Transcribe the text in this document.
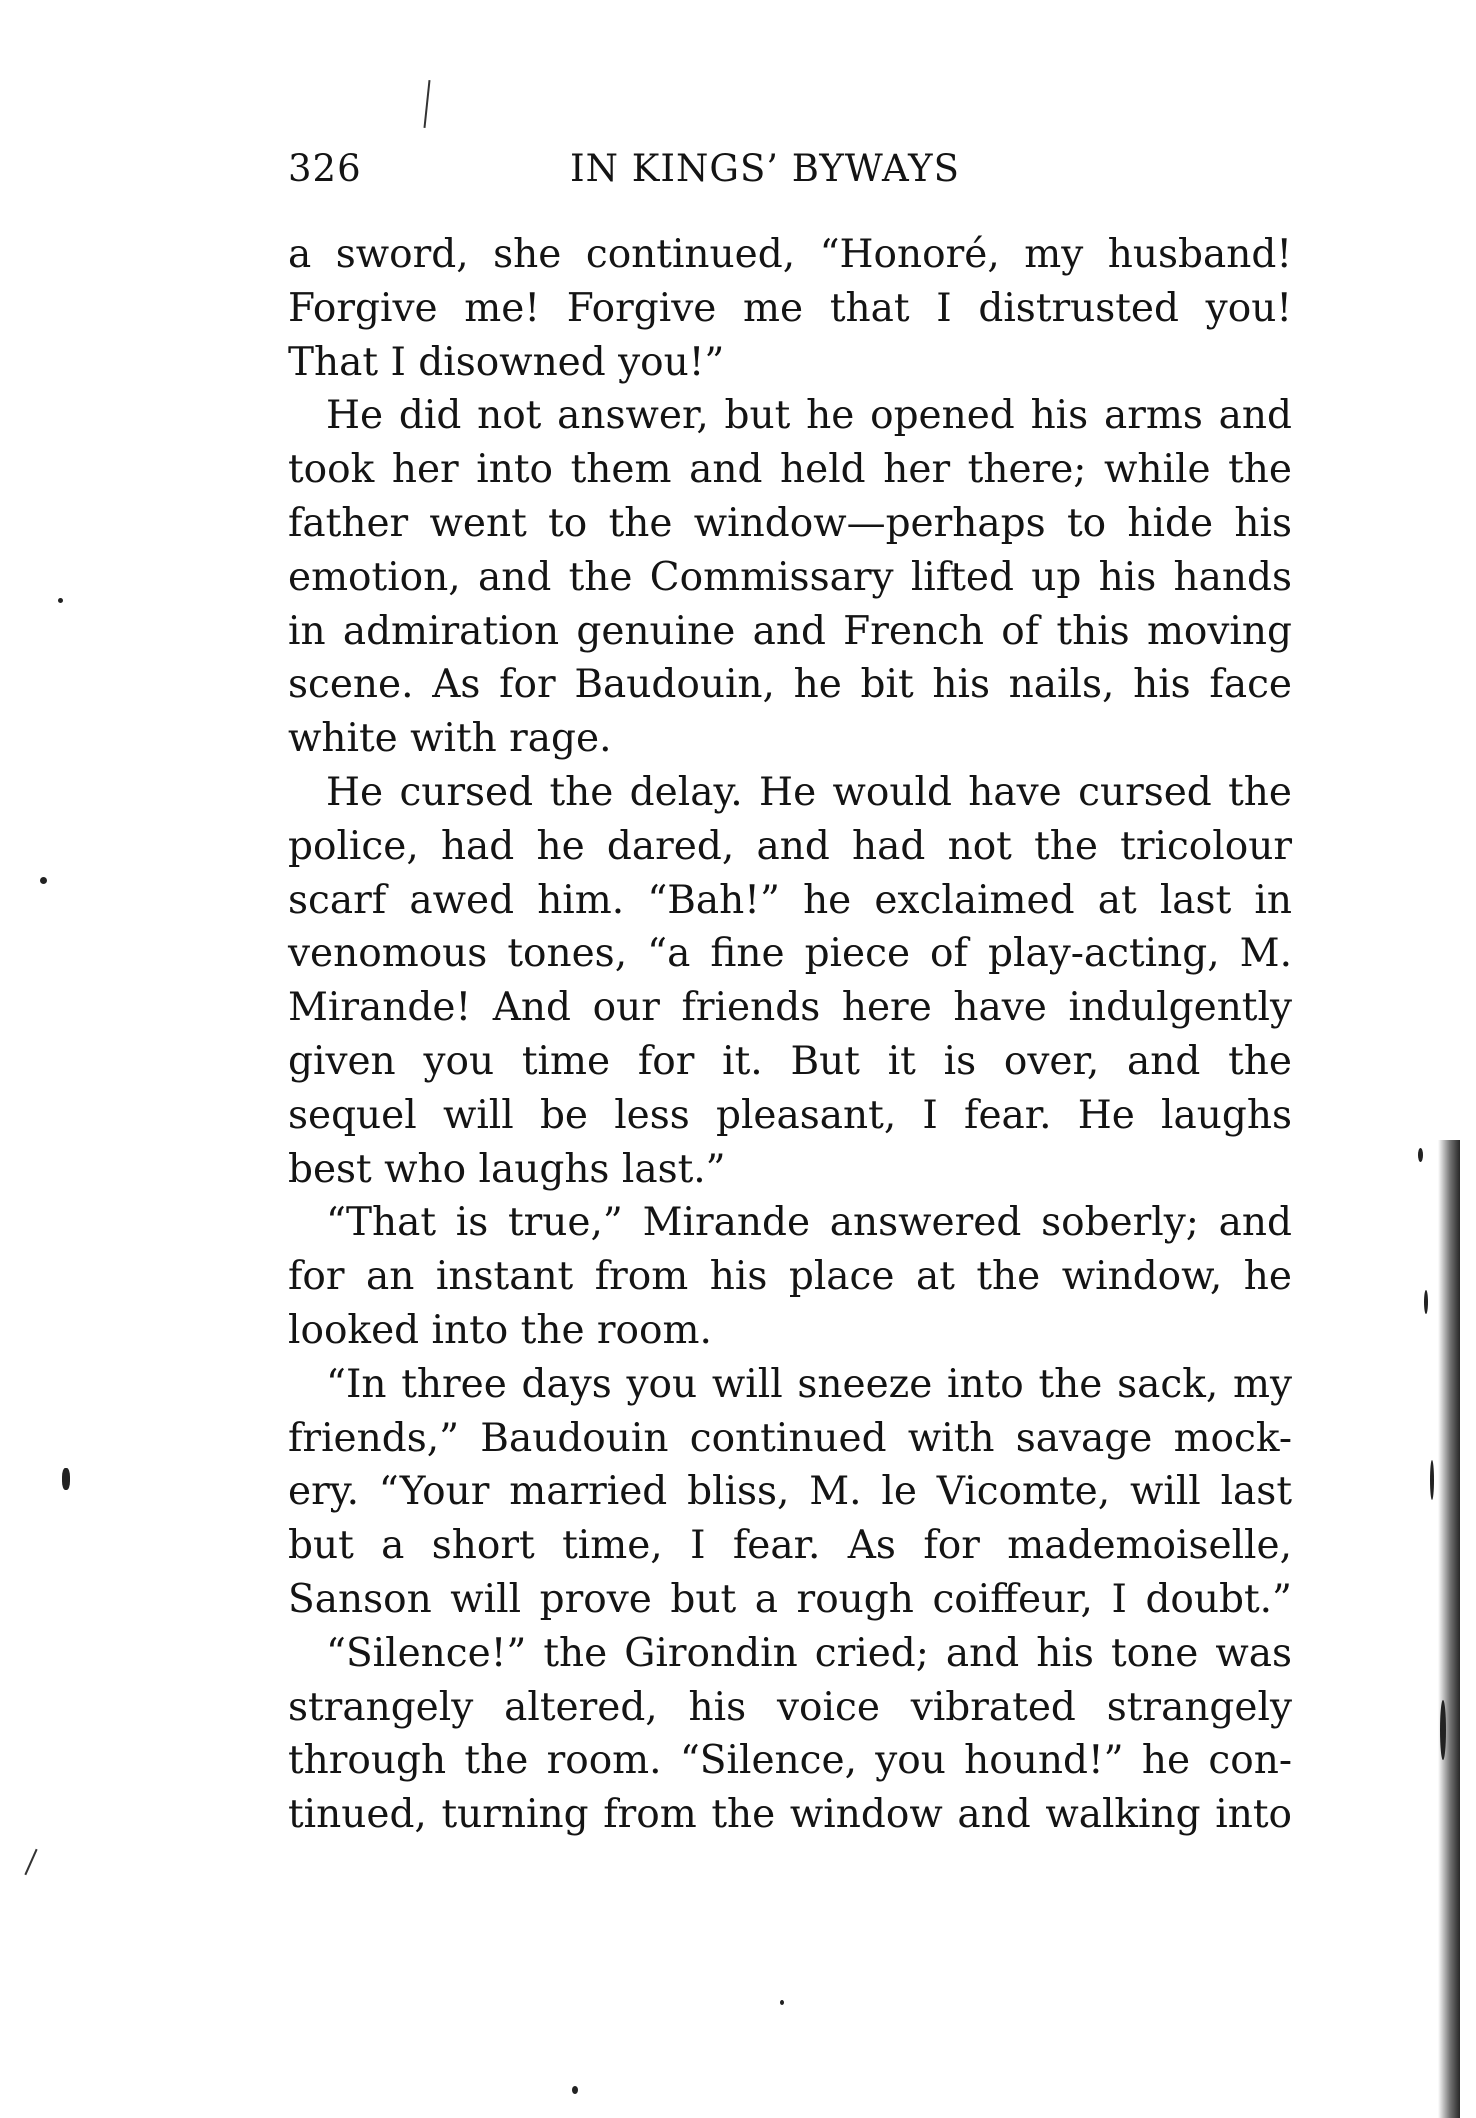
326	IN KINGS’ BYWAYS

a sword, she continued, “Honoré, my husband!
Forgive me! Forgive me that I distrusted you!
That I disowned you!”

He did not answer, but he opened his arms and
took her into them and held her there; while the
father went to the window—perhaps to hide his
emotion, and the Commissary lifted up his hands
in admiration genuine and French of this moving
scene. As for Baudouin, he bit his nails, his face
white with rage.

He cursed the delay. He would have cursed the
police, had he dared, and had not the tricolour
scarf awed him. “Bah!” he exclaimed at last in
venomous tones, “a fine piece of play-acting, M.
Mirande! And our friends here have indulgently
given you time for it. But it is over, and the
sequel will be less pleasant, I fear. He laughs
best who laughs last.”

“That is true,” Mirande answered soberly; and
for an instant from his place at the window, he
looked into the room.

“In three days you will sneeze into the sack, my
friends,” Baudouin continued with savage mock-
ery. “Your married bliss, M. le Vicomte, will last
but a short time, I fear. As for mademoiselle,
Sanson will prove but a rough coiffeur, I doubt.”

“Silence!” the Girondin cried; and his tone was
strangely altered, his voice vibrated strangely
through the room. “Silence, you hound!” he con-
tinued, turning from the window and walking into
